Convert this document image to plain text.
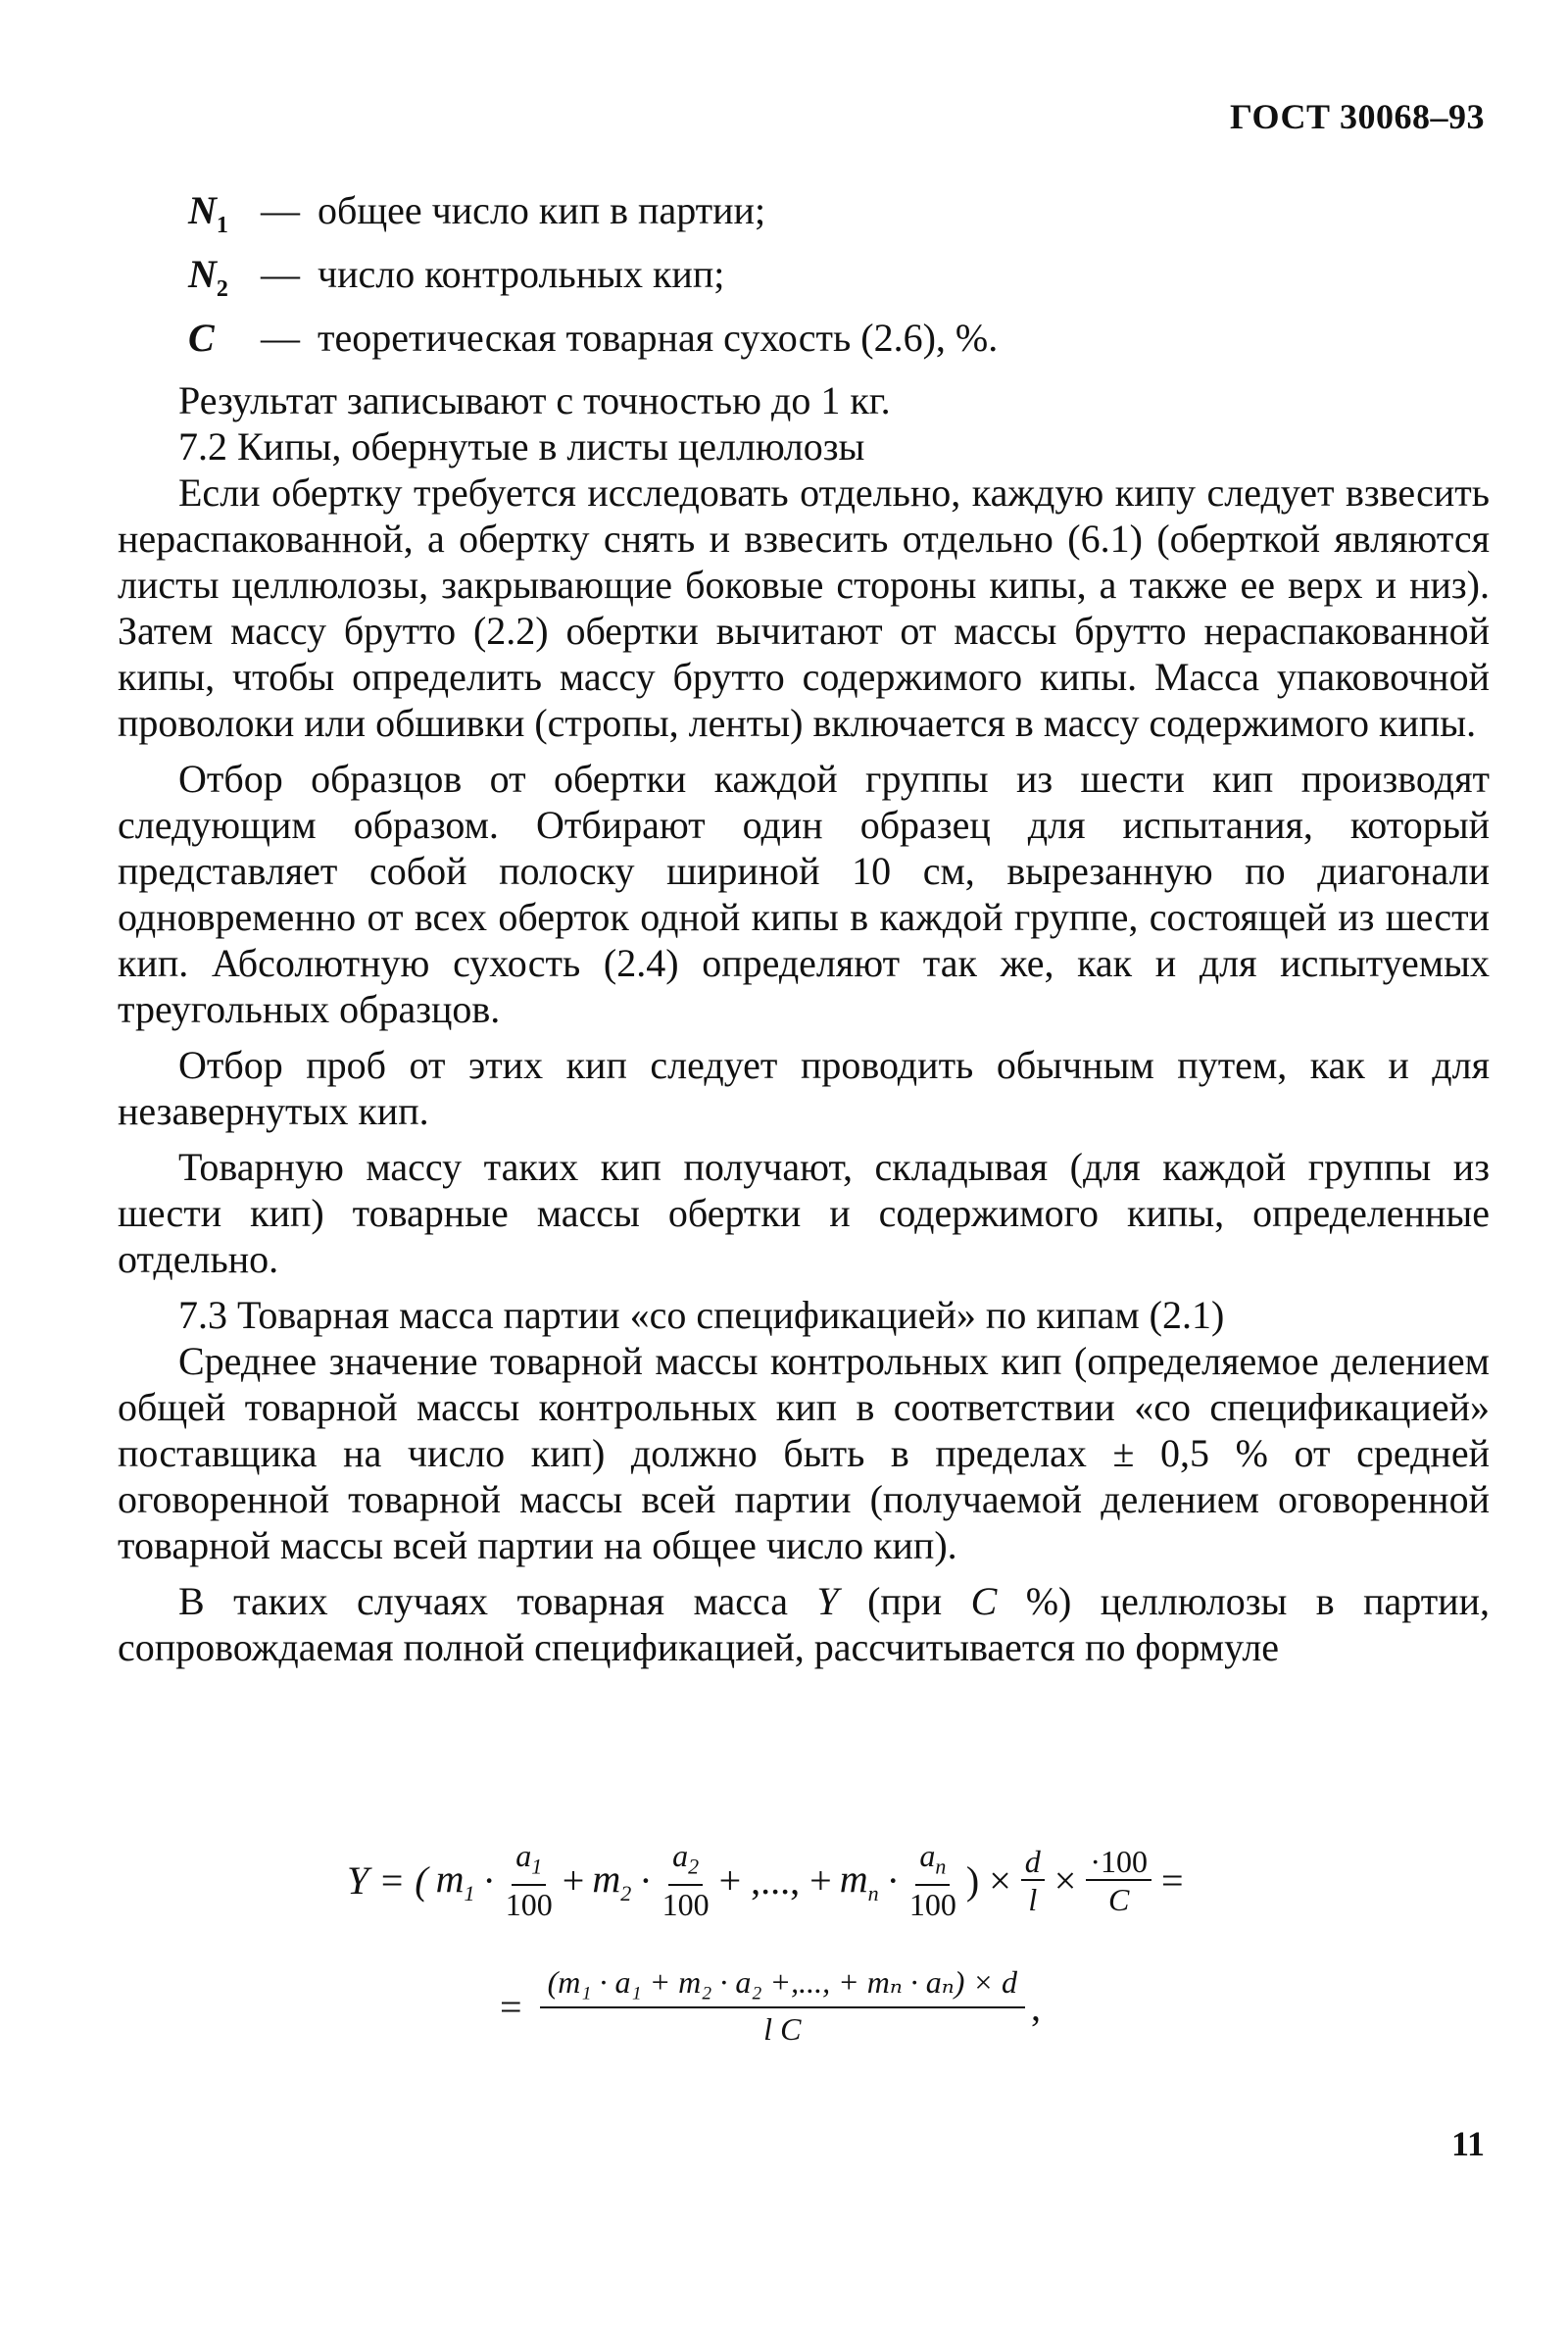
ГОСТ 30068–93
$N_1$ — общее число кип в партии;
$N_2$ — число контрольных кип;
C	— теоретическая товарная сухость (2.6), %.
Результат записывают с точностью до 1 кг.
7.2 Кипы, обернутые в листы целлюлозы

Если обертку требуется исследовать отдельно, каждую кипу следует взвесить нераспакованной, а обертку снять и взвесить отдельно (6.1) (оберткой являются листы целлюлозы, закрывающие боковые стороны кипы, а также ее верх и низ). Затем массу брутто (2.2) обертки вычитают от массы брутто нераспакованной кипы, чтобы определить массу брутто содержимого кипы. Масса упаковочной проволоки или обшивки (стропы, ленты) включается в массу содержимого кипы.

Отбор образцов от обертки каждой группы из шести кип производят следующим образом. Отбирают один образец для испытания, который представляет собой полоску шириной 10 см, вырезанную по диагонали одновременно от всех оберток одной кипы в каждой группе, состоящей из шести кип. Абсолютную сухость (2.4) определяют так же, как и для испытуемых треугольных образцов.

Отбор проб от этих кип следует проводить обычным путем, как и для незавернутых кип.

Товарную массу таких кип получают, складывая (для каждой группы из шести кип) товарные массы обертки и содержимого кипы, определенные отдельно.

7.3 Товарная масса партии «со спецификацией» по кипам (2.1)

Среднее значение товарной массы контрольных кип (определяемое делением общей товарной массы контрольных кип в соответствии «со спецификацией» поставщика на число кип) должно быть в пределах ± 0,5 % от средней оговоренной товарной массы всей партии (получаемой делением оговоренной товарной массы всей партии на общее число кип).

В таких случаях товарная масса Y (при C %) целлюлозы в партии, сопровождаемая полной спецификацией, рассчитывается по формуле

Y = ( $m_1 \cdot \frac{a_1}{100} + m_2 \cdot \frac{a_2}{100}$ + ,..., + $m_n \cdot \frac{a_n}{100}$ ) × $\frac{d}{l} \times \frac{\cdot 100}{C}$ =
= $\frac{\text{(m₁ · a₁ + m₂ · a₂ +,..., + mₙ · aₙ) × d}}{\text{l C}}$ ,
11
